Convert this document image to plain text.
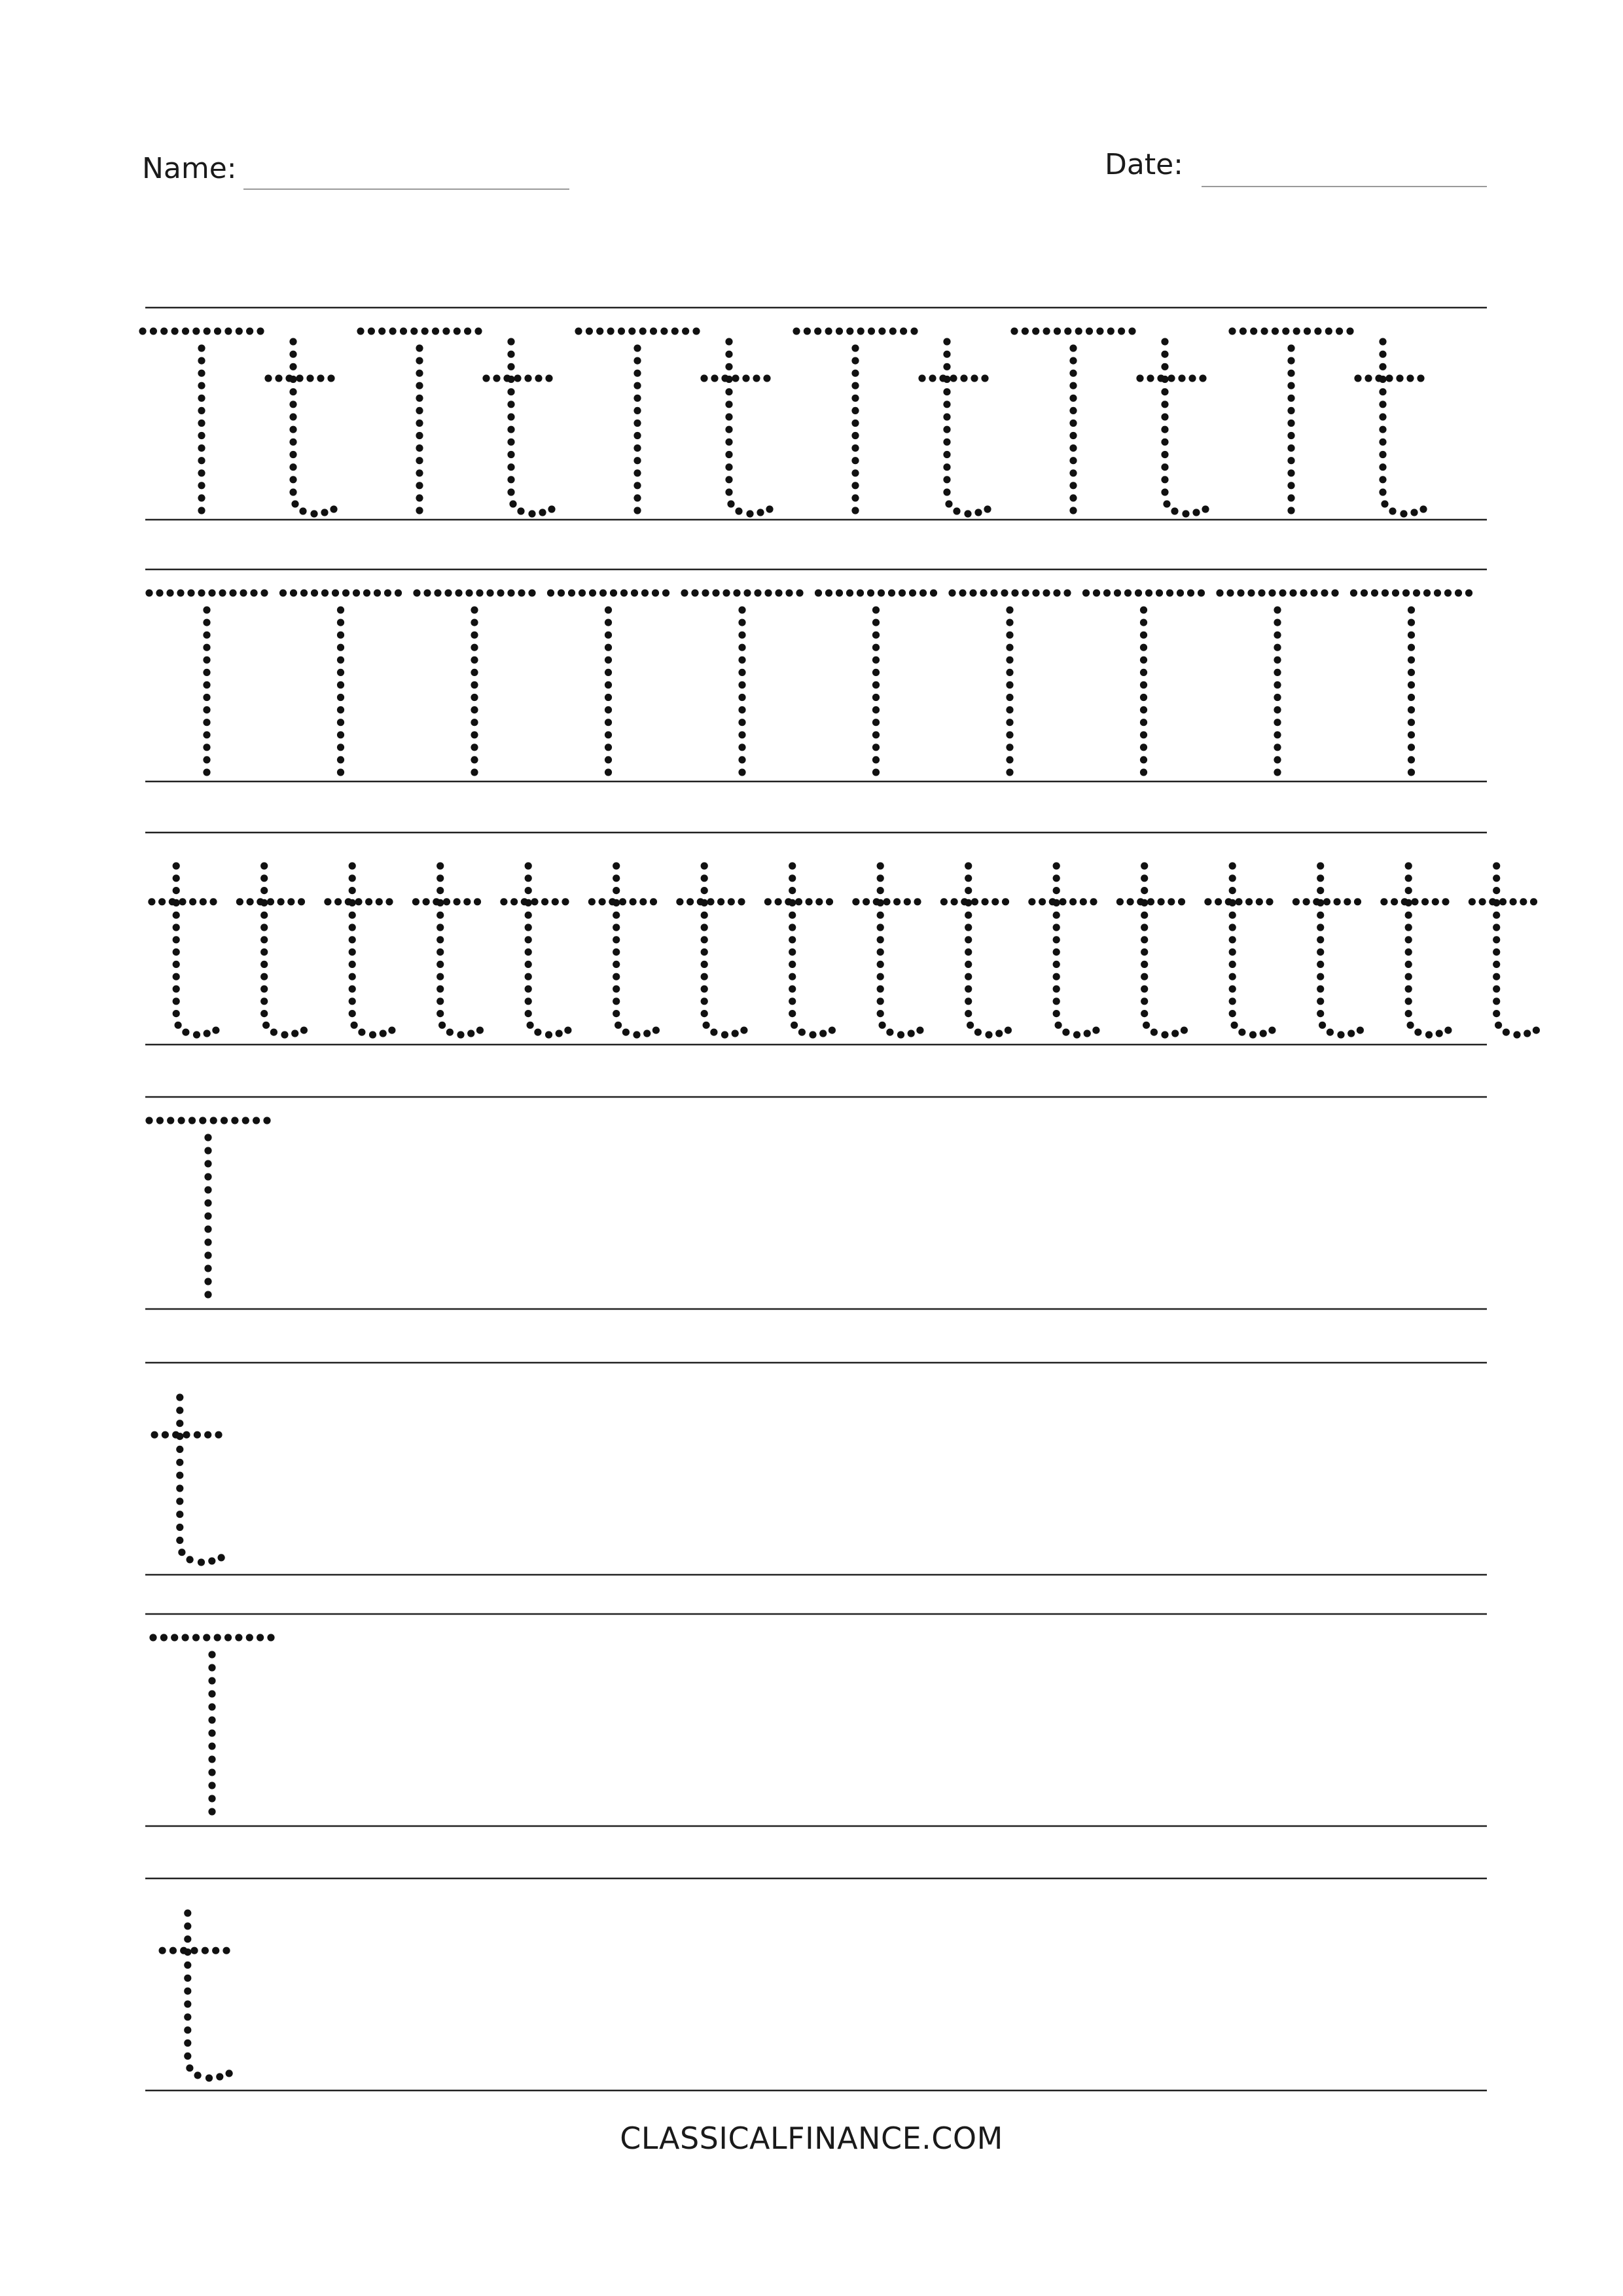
Name:	Date:
CLASSICALFINANCE.COM
